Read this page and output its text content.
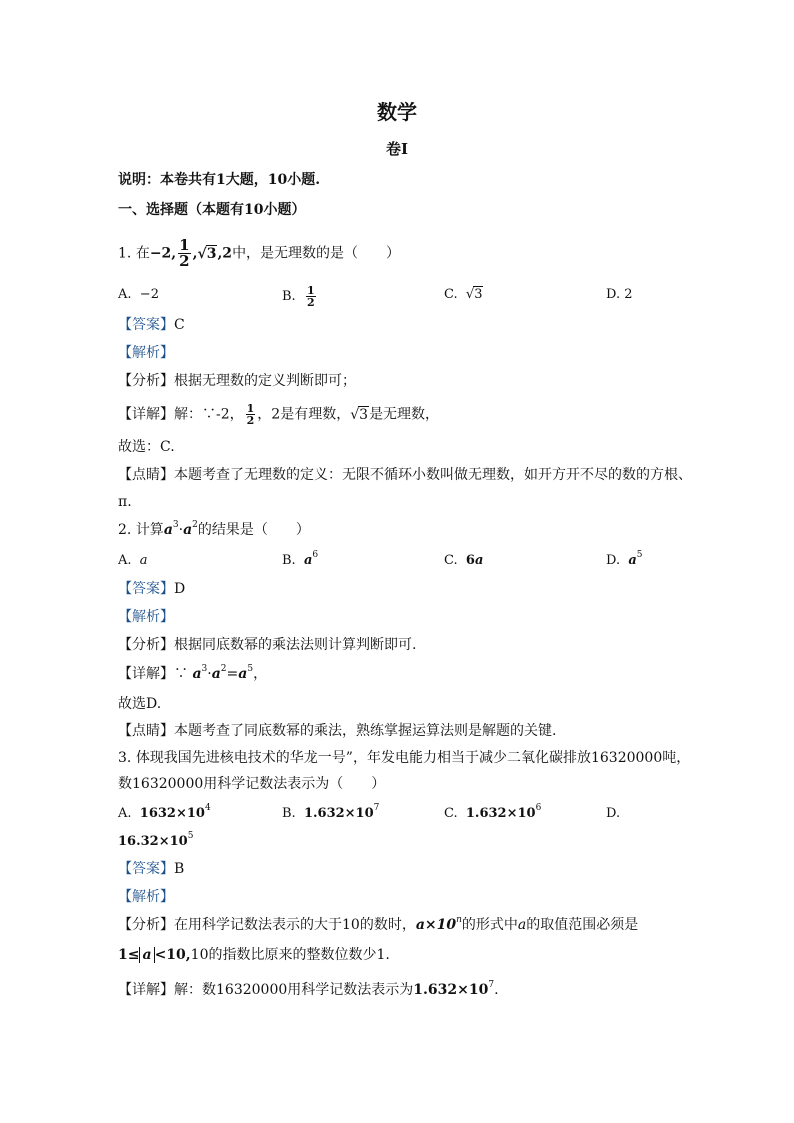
数学
卷I
说明：本卷共有1大题，10小题.
一、选择题（本题有10小题）
1. 在−2, $\frac{1}{2} ,√3,2$中，是无理数的是（　　）
A. −2	B. $\frac{1}{2}$	C. √3	D. 2
【答案】C
【解析】
【分析】根据无理数的定义判断即可；
【详解】解：∵-2， $\frac{1}{2}$ ，2是有理数，√3是无理数，
故选：C.
【点睛】本题考查了无理数的定义：无限不循环小数叫做无理数，如开方开不尽的数的方根、
π.
2. 计算$a^3\cdot a^2$的结果是（　　）
A. a	B. $a^6$	C. 6a	D. $a^5$
【答案】D
【解析】
【分析】根据同底数幂的乘法法则计算判断即可.
【详解】∵ $a^3\cdot a^2=a^5$，
故选D.
【点睛】本题考查了同底数幂的乘法，熟练掌握运算法则是解题的关键.
3. 体现我国先进核电技术的华龙一号”，年发电能力相当于减少二氧化碳排放16320000吨，
数16320000用科学记数法表示为（　　）
A. $1632\times 10^4$	B. $1.632\times 10^7$	C. $1.632\times 10^6$	D.
$16.32\times 10^5$
【答案】B
【解析】
【分析】在用科学记数法表示的大于10的数时，$a\times 10^n$的形式中a的取值范围必须是
1≤ a <10,10的指数比原来的整数位数少1.
【详解】解：数16320000用科学记数法表示为$1.632\times 10^7$.
